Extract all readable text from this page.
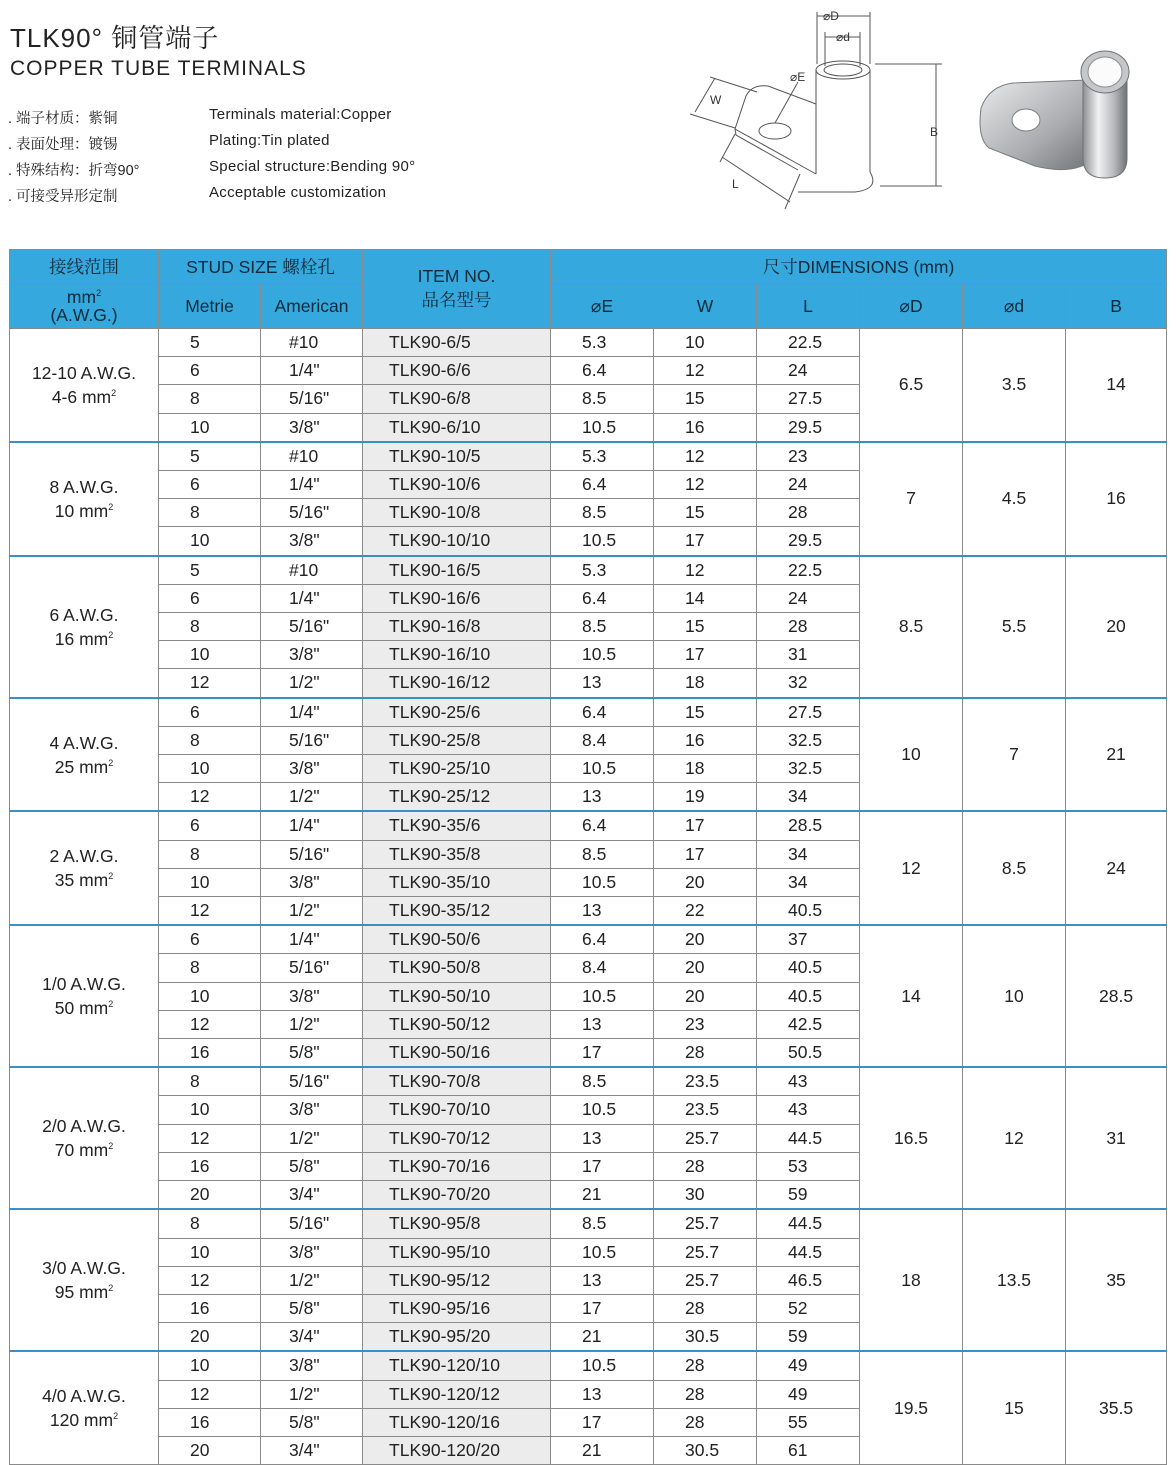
TLK90° 铜管端子
COPPER TUBE TERMINALS
. 端子材质：紫铜
. 表面处理：镀锡
. 特殊结构：折弯90°
. 可接受异形定制
Terminals material:Copper
Plating:Tin plated
Special structure:Bending 90°
Acceptable customization
⌀D
⌀d
⌀E
W
L
B
接线范围	STUD SIZE 螺栓孔		ITEM NO.
品名型号	尺寸DIMENSIONS (mm)					

$mm^2$
(A.W.G.)	Metrie	American		⌀E	W	L	⌀D	⌀d	B

12-10 A.W.G.
4-6 $mm^2$	5	#10	TLK90-6/5	5.3	10	22.5	6.5	3.5	14
	6	1/4"	TLK90-6/6	6.4	12	24			
	8	5/16"	TLK90-6/8	8.5	15	27.5			
	10	3/8"	TLK90-6/10	10.5	16	29.5			

8 A.W.G.
10 $mm^2$	5	#10	TLK90-10/5	5.3	12	23	7	4.5	16
	6	1/4"	TLK90-10/6	6.4	12	24			
	8	5/16"	TLK90-10/8	8.5	15	28			
	10	3/8"	TLK90-10/10	10.5	17	29.5			

6 A.W.G.
16 $mm^2$	5	#10	TLK90-16/5	5.3	12	22.5	8.5	5.5	20
	6	1/4"	TLK90-16/6	6.4	14	24			
	8	5/16"	TLK90-16/8	8.5	15	28			
	10	3/8"	TLK90-16/10	10.5	17	31			
	12	1/2"	TLK90-16/12	13	18	32			

4 A.W.G.
25 $mm^2$	6	1/4"	TLK90-25/6	6.4	15	27.5	10	7	21
	8	5/16"	TLK90-25/8	8.4	16	32.5			
	10	3/8"	TLK90-25/10	10.5	18	32.5			
	12	1/2"	TLK90-25/12	13	19	34			

2 A.W.G.
35 $mm^2$	6	1/4"	TLK90-35/6	6.4	17	28.5	12	8.5	24
	8	5/16"	TLK90-35/8	8.5	17	34			
	10	3/8"	TLK90-35/10	10.5	20	34			
	12	1/2"	TLK90-35/12	13	22	40.5			

1/0 A.W.G.
50 $mm^2$	6	1/4"	TLK90-50/6	6.4	20	37	14	10	28.5
	8	5/16"	TLK90-50/8	8.4	20	40.5			
	10	3/8"	TLK90-50/10	10.5	20	40.5			
	12	1/2"	TLK90-50/12	13	23	42.5			
	16	5/8"	TLK90-50/16	17	28	50.5			

2/0 A.W.G.
70 $mm^2$	8	5/16"	TLK90-70/8	8.5	23.5	43	16.5	12	31
	10	3/8"	TLK90-70/10	10.5	23.5	43			
	12	1/2"	TLK90-70/12	13	25.7	44.5			
	16	5/8"	TLK90-70/16	17	28	53			
	20	3/4"	TLK90-70/20	21	30	59			

3/0 A.W.G.
95 $mm^2$	8	5/16"	TLK90-95/8	8.5	25.7	44.5	18	13.5	35
	10	3/8"	TLK90-95/10	10.5	25.7	44.5			
	12	1/2"	TLK90-95/12	13	25.7	46.5			
	16	5/8"	TLK90-95/16	17	28	52			
	20	3/4"	TLK90-95/20	21	30.5	59			

4/0 A.W.G.
120 $mm^2$	10	3/8"	TLK90-120/10	10.5	28	49	19.5	15	35.5
	12	1/2"	TLK90-120/12	13	28	49			
	16	5/8"	TLK90-120/16	17	28	55			
	20	3/4"	TLK90-120/20	21	30.5	61			
